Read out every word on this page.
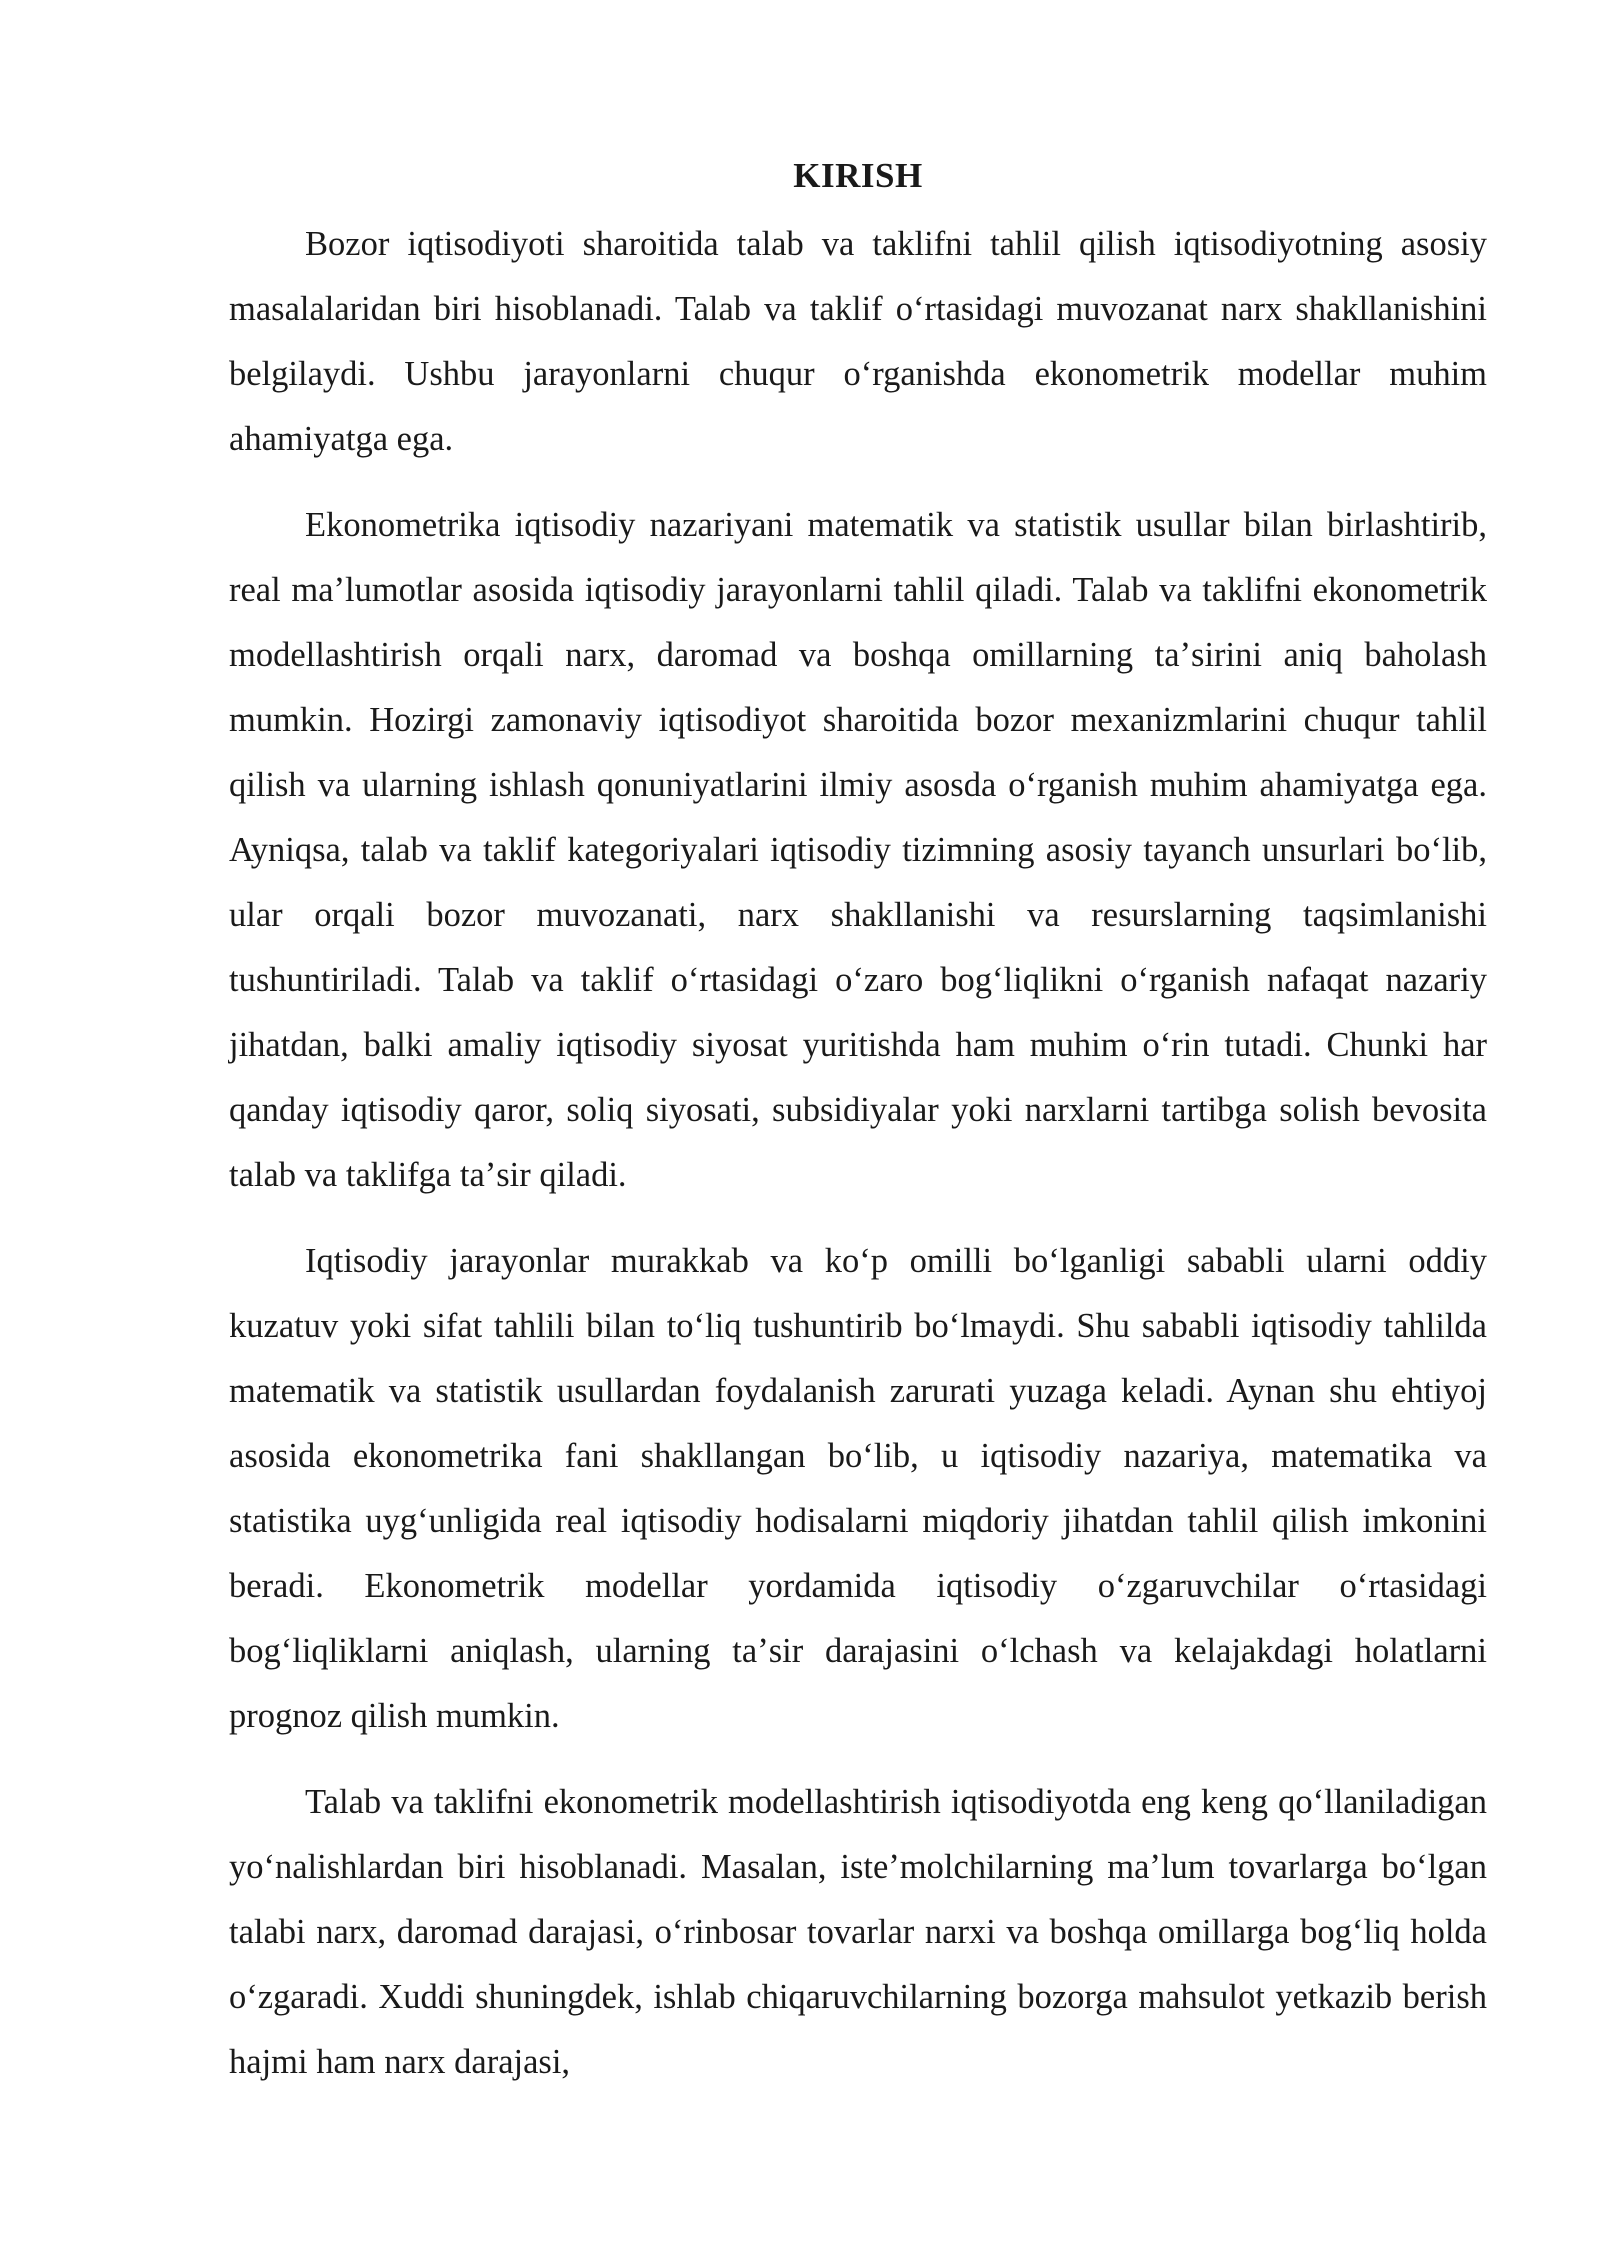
KIRISH

Bozor iqtisodiyoti sharoitida talab va taklifni tahlil qilish iqtisodiyotning asosiy masalalaridan biri hisoblanadi. Talab va taklif oʻrtasidagi muvozanat narx shakllanishini belgilaydi. Ushbu jarayonlarni chuqur oʻrganishda ekonometrik modellar muhim ahamiyatga ega.

Ekonometrika iqtisodiy nazariyani matematik va statistik usullar bilan birlashtirib, real maʼlumotlar asosida iqtisodiy jarayonlarni tahlil qiladi. Talab va taklifni ekonometrik modellashtirish orqali narx, daromad va boshqa omillarning taʼsirini aniq baholash mumkin. Hozirgi zamonaviy iqtisodiyot sharoitida bozor mexanizmlarini chuqur tahlil qilish va ularning ishlash qonuniyatlarini ilmiy asosda oʻrganish muhim ahamiyatga ega. Ayniqsa, talab va taklif kategoriyalari iqtisodiy tizimning asosiy tayanch unsurlari boʻlib, ular orqali bozor muvozanati, narx shakllanishi va resurslarning taqsimlanishi tushuntiriladi. Talab va taklif oʻrtasidagi oʻzaro bogʻliqlikni oʻrganish nafaqat nazariy jihatdan, balki amaliy iqtisodiy siyosat yuritishda ham muhim oʻrin tutadi. Chunki har qanday iqtisodiy qaror, soliq siyosati, subsidiyalar yoki narxlarni tartibga solish bevosita talab va taklifga taʼsir qiladi.

Iqtisodiy jarayonlar murakkab va koʻp omilli boʻlganligi sababli ularni oddiy kuzatuv yoki sifat tahlili bilan toʻliq tushuntirib boʻlmaydi. Shu sababli iqtisodiy tahlilda matematik va statistik usullardan foydalanish zarurati yuzaga keladi. Aynan shu ehtiyoj asosida ekonometrika fani shakllangan boʻlib, u iqtisodiy nazariya, matematika va statistika uygʻunligida real iqtisodiy hodisalarni miqdoriy jihatdan tahlil qilish imkonini beradi. Ekonometrik modellar yordamida iqtisodiy oʻzgaruvchilar oʻrtasidagi bogʻliqliklarni aniqlash, ularning taʼsir darajasini oʻlchash va kelajakdagi holatlarni prognoz qilish mumkin.

Talab va taklifni ekonometrik modellashtirish iqtisodiyotda eng keng qoʻllaniladigan yoʻnalishlardan biri hisoblanadi. Masalan, isteʼmolchilarning maʼlum tovarlarga boʻlgan talabi narx, daromad darajasi, oʻrinbosar tovarlar narxi va boshqa omillarga bogʻliq holda oʻzgaradi. Xuddi shuningdek, ishlab chiqaruvchilarning bozorga mahsulot yetkazib berish hajmi ham narx darajasi,
